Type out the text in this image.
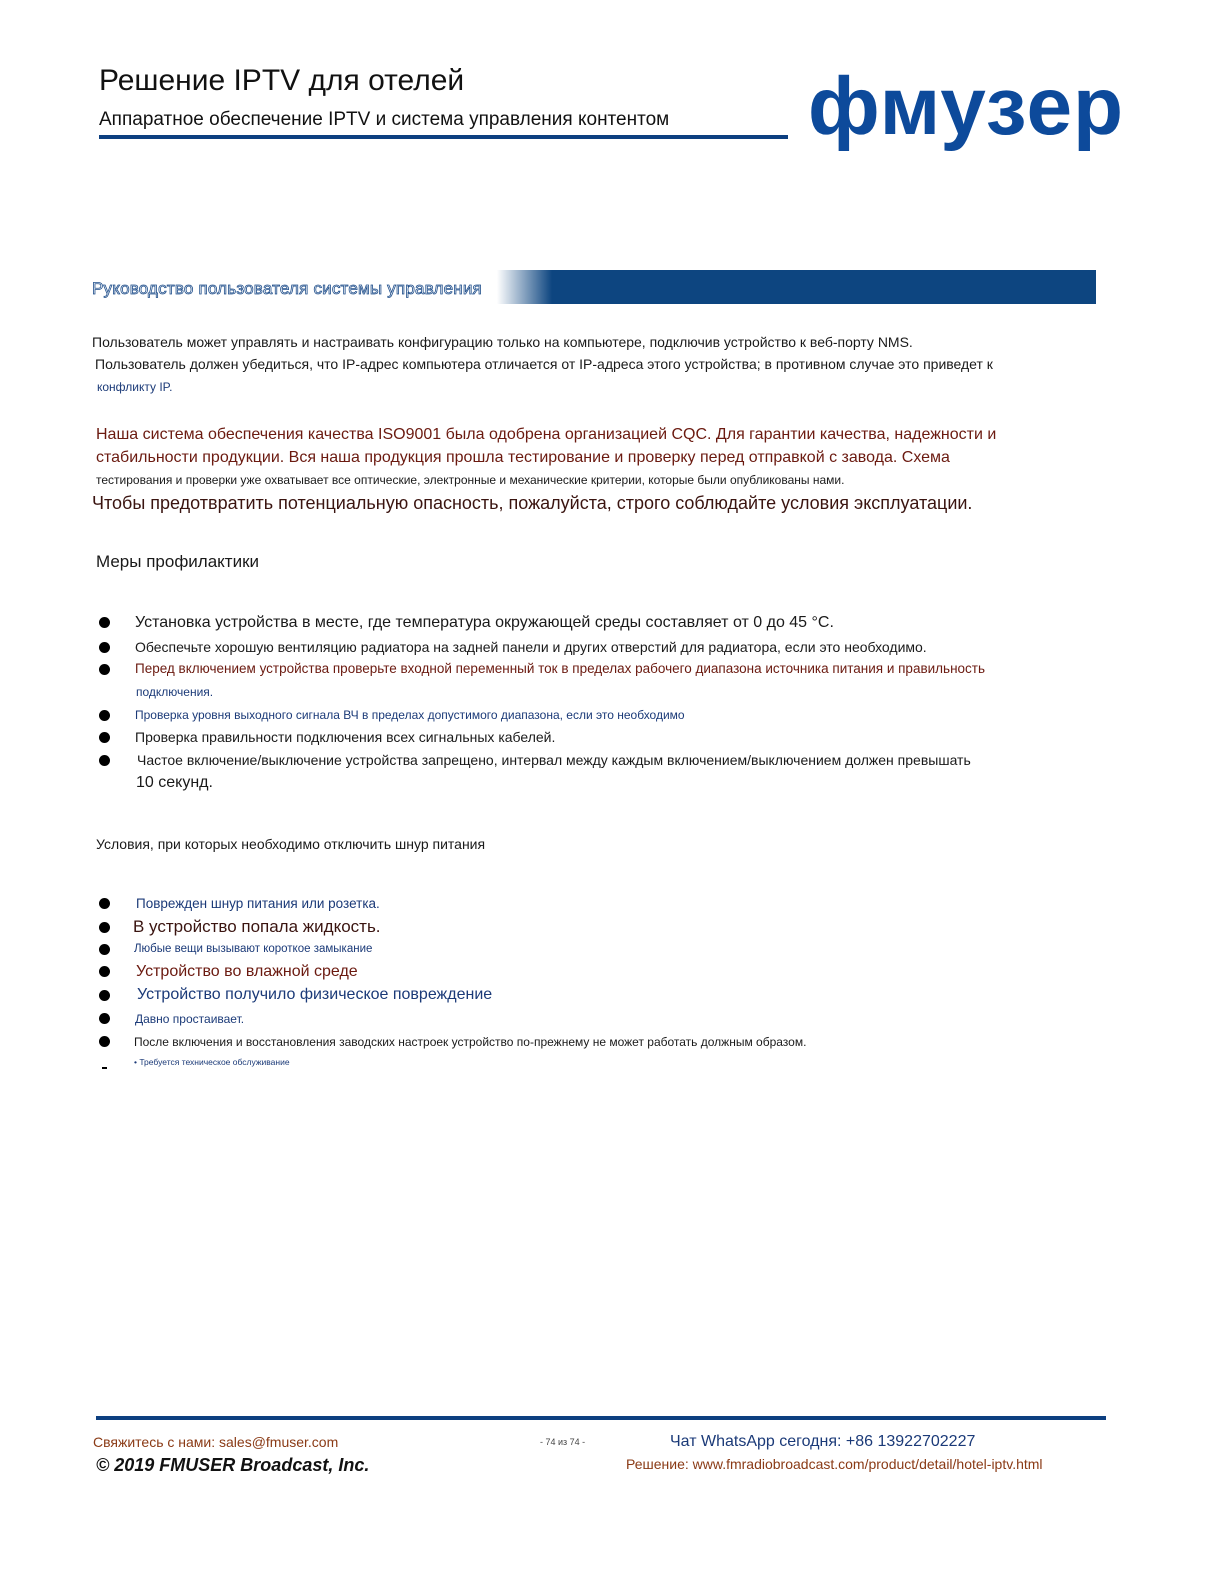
Решение IPTV для отелей
Аппаратное обеспечение IPTV и система управления контентом фмузер
Руководство пользователя системы управления
Пользователь может управлять и настраивать конфигурацию только на компьютере, подключив устройство к веб-порту NMS.
Пользователь должен убедиться, что IP-адрес компьютера отличается от IP-адреса этого устройства; в противном случае это приведет к
конфликту IP.
Наша система обеспечения качества ISO9001 была одобрена организацией CQC. Для гарантии качества, надежности и
стабильности продукции. Вся наша продукция прошла тестирование и проверку перед отправкой с завода. Схема
тестирования и проверки уже охватывает все оптические, электронные и механические критерии, которые были опубликованы нами.
Чтобы предотвратить потенциальную опасность, пожалуйста, строго соблюдайте условия эксплуатации.
Меры профилактики
Установка устройства в месте, где температура окружающей среды составляет от 0 до 45 °C.
Обеспечьте хорошую вентиляцию радиатора на задней панели и других отверстий для радиатора, если это необходимо.
Перед включением устройства проверьте входной переменный ток в пределах рабочего диапазона источника питания и правильность
подключения.
Проверка уровня выходного сигнала ВЧ в пределах допустимого диапазона, если это необходимо
Проверка правильности подключения всех сигнальных кабелей.
Частое включение/выключение устройства запрещено, интервал между каждым включением/выключением должен превышать
10 секунд.
Условия, при которых необходимо отключить шнур питания
Поврежден шнур питания или розетка.
В устройство попала жидкость.
Любые вещи вызывают короткое замыкание
Устройство во влажной среде
Устройство получило физическое повреждение
Давно простаивает.
После включения и восстановления заводских настроек устройство по-прежнему не может работать должным образом.
• Требуется техническое обслуживание
Свяжитесь с нами: sales@fmuser.com
© 2019 FMUSER Broadcast, Inc.
- 74 из 74 -	Чат WhatsApp сегодня: +86 13922702227
Решение: www.fmradiobroadcast.com/product/detail/hotel-iptv.html
